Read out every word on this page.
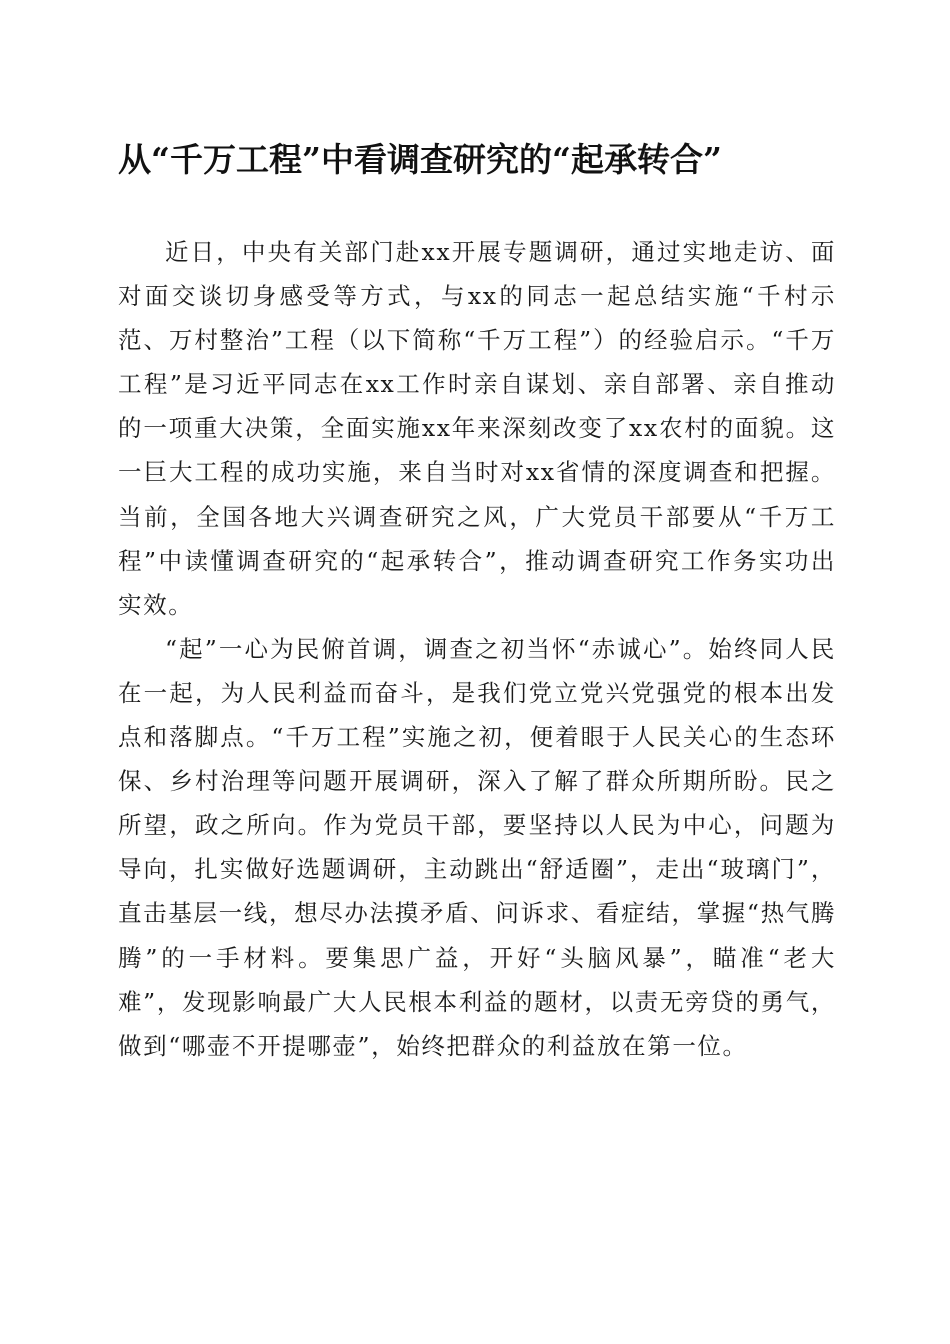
从“千万工程”中看调查研究的“起承转合”

近日，中央有关部门赴xx开展专题调研，通过实地走访、面对面交谈切身感受等方式，与xx的同志一起总结实施“千村示范、万村整治”工程（以下简称“千万工程”）的经验启示。“千万工程”是习近平同志在xx工作时亲自谋划、亲自部署、亲自推动的一项重大决策，全面实施xx年来深刻改变了xx农村的面貌。这一巨大工程的成功实施，来自当时对xx省情的深度调查和把握。当前，全国各地大兴调查研究之风，广大党员干部要从“千万工程”中读懂调查研究的“起承转合”，推动调查研究工作务实功出实效。

“起”一心为民俯首调，调查之初当怀“赤诚心”。始终同人民在一起，为人民利益而奋斗，是我们党立党兴党强党的根本出发点和落脚点。“千万工程”实施之初，便着眼于人民关心的生态环保、乡村治理等问题开展调研，深入了解了群众所期所盼。民之所望，政之所向。作为党员干部，要坚持以人民为中心，问题为导向，扎实做好选题调研，主动跳出“舒适圈”，走出“玻璃门”，直击基层一线，想尽办法摸矛盾、问诉求、看症结，掌握“热气腾腾”的一手材料。要集思广益，开好“头脑风暴”，瞄准“老大难”，发现影响最广大人民根本利益的题材，以责无旁贷的勇气，做到“哪壶不开提哪壶”，始终把群众的利益放在第一位。
